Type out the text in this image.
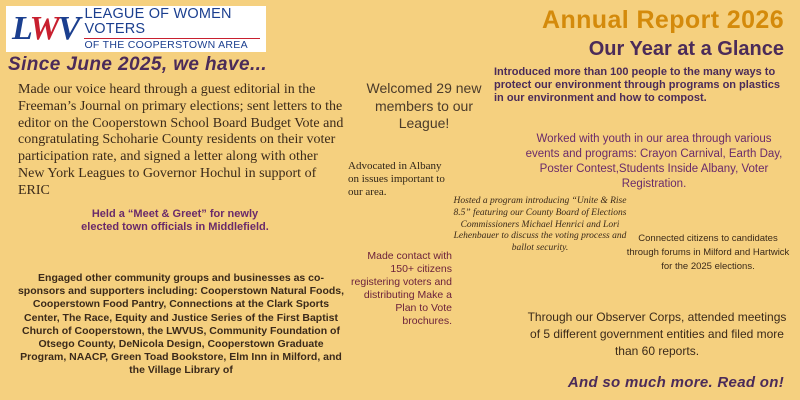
LWV LEAGUE OF WOMEN VOTERS
OF THE COOPERSTOWN AREA
Since June 2025, we have...
Annual Report 2026
Our Year at a Glance

Made our voice heard through a guest editorial in the Freeman’s Journal on primary elections; sent letters to the editor on the Cooperstown School Board Budget Vote and congratulating Schoharie County residents on their voter participation rate, and signed a letter along with other New York Leagues to Governor Hochul in support of ERIC

Held a “Meet & Greet” for newly elected town officials in Middlefield.

Engaged other community groups and businesses as co-sponsors and supporters including: Cooperstown Natural Foods, Cooperstown Food Pantry, Connections at the Clark Sports Center, The Race, Equity and Justice Series of the First Baptist Church of Cooperstown, the LWVUS, Community Foundation of Otsego County, DeNicola Design, Cooperstown Graduate Program, NAACP, Green Toad Bookstore, Elm Inn in Milford, and the Village Library of

Welcomed 29 new members to our League!

Advocated in Albany on issues important to our area.

Made contact with 150+ citizens registering voters and distributing Make a Plan to Vote brochures.

Introduced more than 100 people to the many ways to protect our environment through programs on plastics in our environment and how to compost.

Worked with youth in our area through various events and programs: Crayon Carnival, Earth Day, Poster Contest,Students Inside Albany, Voter Registration.

Hosted a program introducing “Unite & Rise 8.5” featuring our County Board of Elections Commissioners Michael Henrici and Lori Lehenbauer to discuss the voting process and ballot security.

Connected citizens to candidates through forums in Milford and Hartwick for the 2025 elections.

Through our Observer Corps, attended meetings of 5 different government entities and filed more than 60 reports.

And so much more. Read on!
